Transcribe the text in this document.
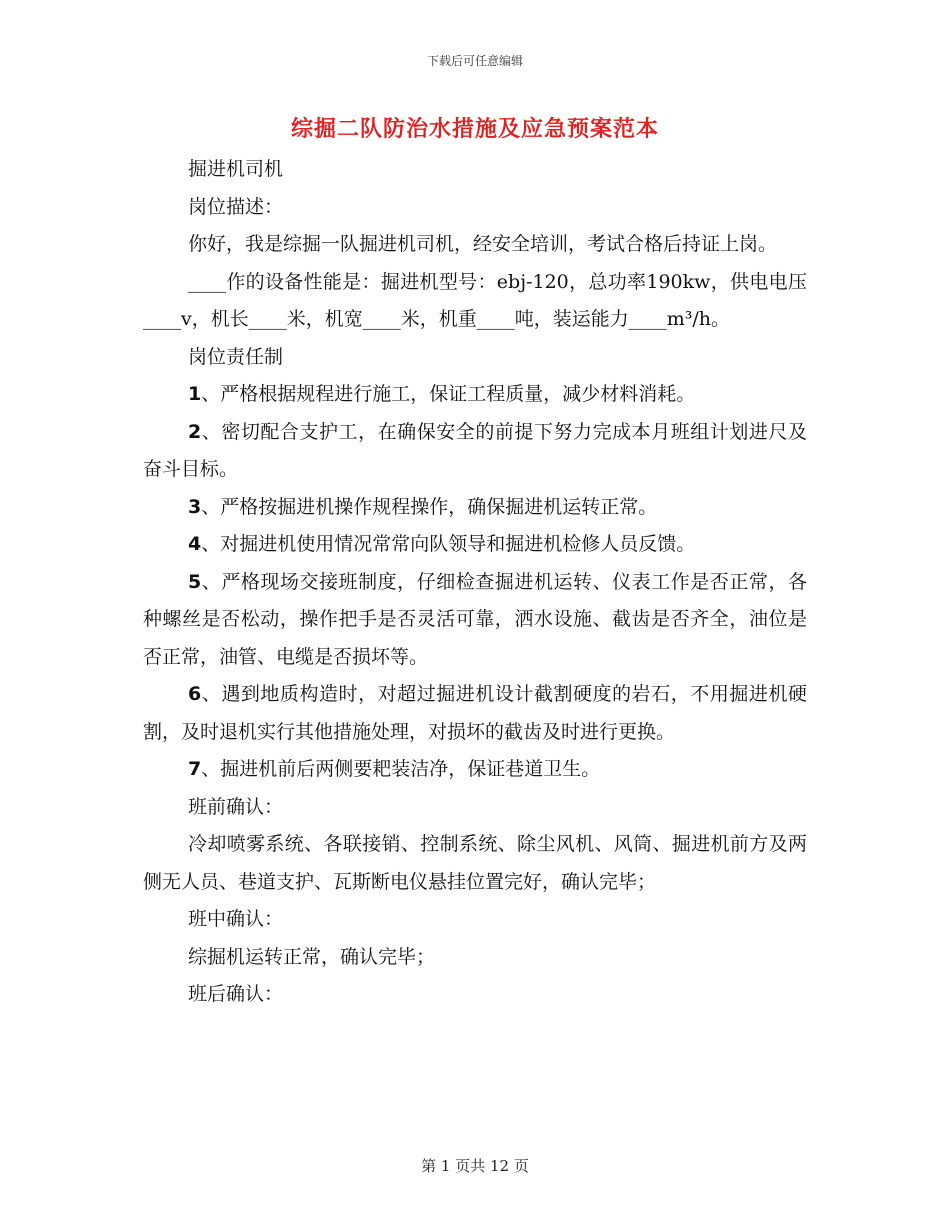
下载后可任意编辑
综掘二队防治水措施及应急预案范本

掘进机司机

岗位描述：

你好，我是综掘一队掘进机司机，经安全培训，考试合格后持证上岗。

____作的设备性能是：掘进机型号：ebj-120，总功率190kw，供电电压____v，机长____米，机宽____米，机重____吨，装运能力____m³/h。

岗位责任制

1、严格根据规程进行施工，保证工程质量，减少材料消耗。

2、密切配合支护工，在确保安全的前提下努力完成本月班组计划进尺及奋斗目标。

3、严格按掘进机操作规程操作，确保掘进机运转正常。

4、对掘进机使用情况常常向队领导和掘进机检修人员反馈。

5、严格现场交接班制度，仔细检查掘进机运转、仪表工作是否正常，各种螺丝是否松动，操作把手是否灵活可靠，洒水设施、截齿是否齐全，油位是否正常，油管、电缆是否损坏等。

6、遇到地质构造时，对超过掘进机设计截割硬度的岩石，不用掘进机硬割，及时退机实行其他措施处理，对损坏的截齿及时进行更换。

7、掘进机前后两侧要耙装洁净，保证巷道卫生。

班前确认：

冷却喷雾系统、各联接销、控制系统、除尘风机、风筒、掘进机前方及两侧无人员、巷道支护、瓦斯断电仪悬挂位置完好，确认完毕；

班中确认：

综掘机运转正常，确认完毕；

班后确认：

第 1 页共 12 页
